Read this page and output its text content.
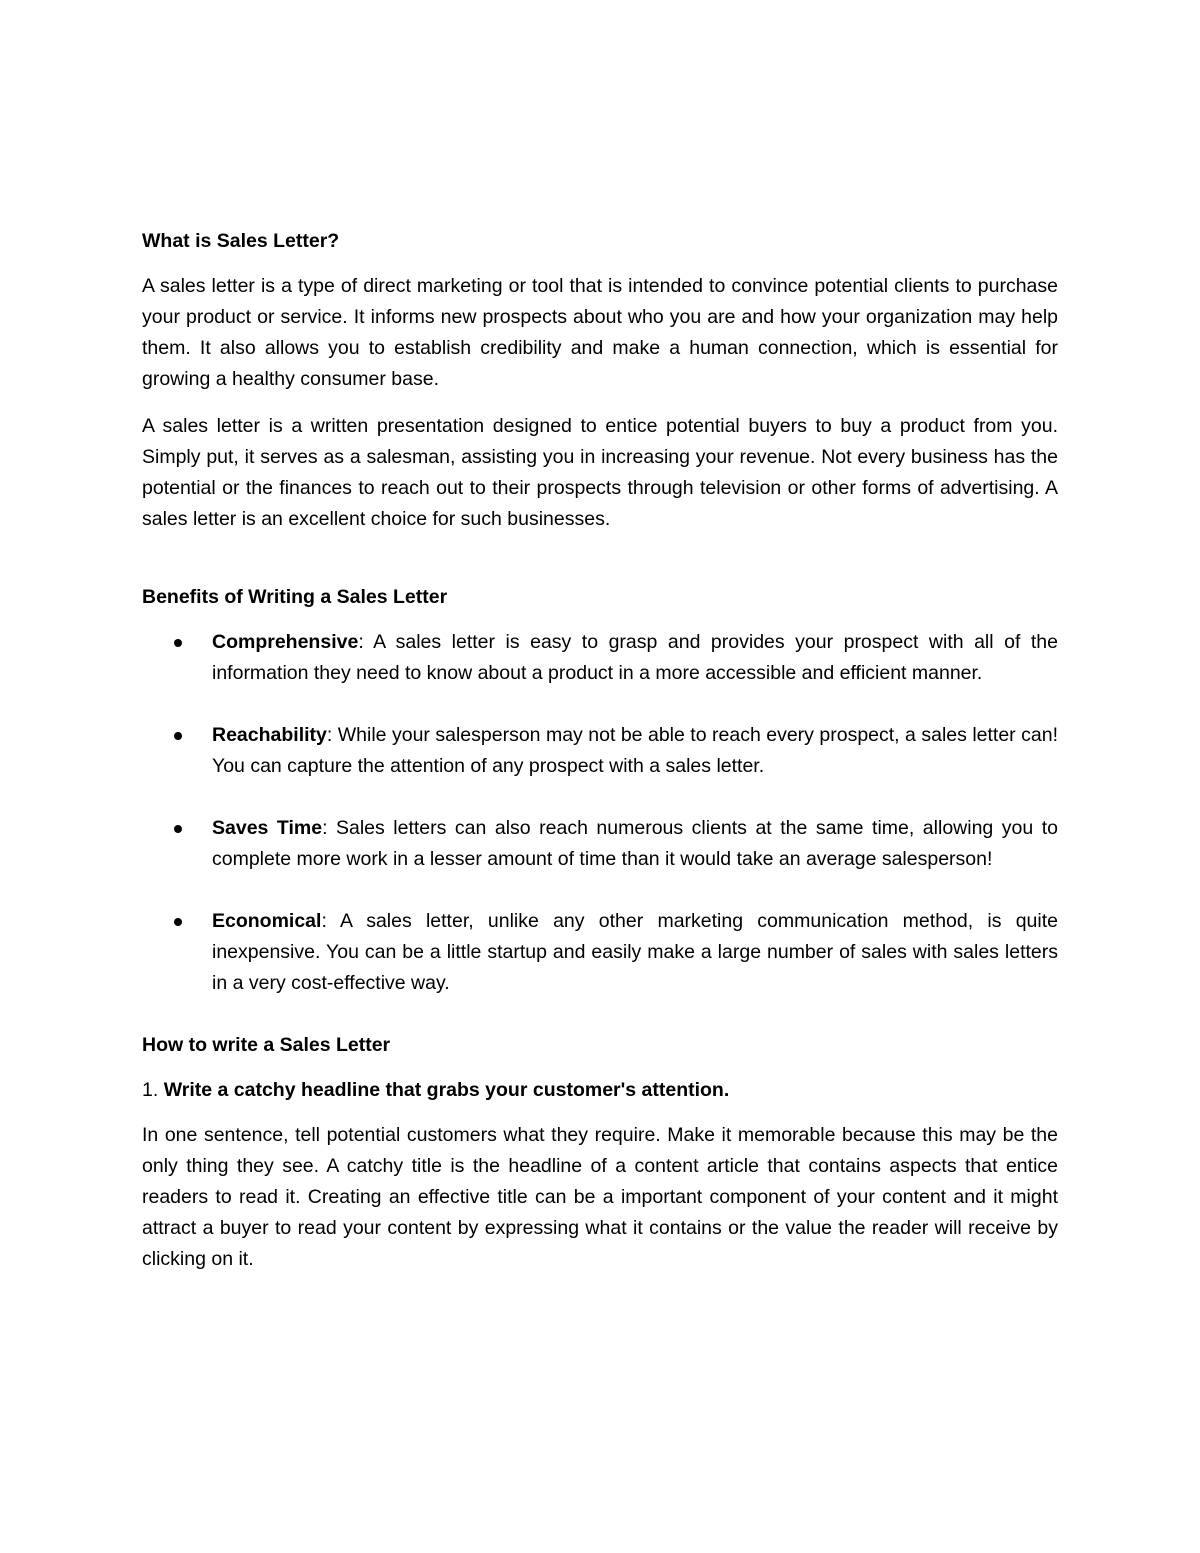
What is Sales Letter?

A sales letter is a type of direct marketing or tool that is intended to convince potential clients to purchase your product or service. It informs new prospects about who you are and how your organization may help them. It also allows you to establish credibility and make a human connection, which is essential for growing a healthy consumer base.

A sales letter is a written presentation designed to entice potential buyers to buy a product from you. Simply put, it serves as a salesman, assisting you in increasing your revenue. Not every business has the potential or the finances to reach out to their prospects through television or other forms of advertising. A sales letter is an excellent choice for such businesses.

Benefits of Writing a Sales Letter
Comprehensive: A sales letter is easy to grasp and provides your prospect with all of the information they need to know about a product in a more accessible and efficient manner.
Reachability: While your salesperson may not be able to reach every prospect, a sales letter can! You can capture the attention of any prospect with a sales letter.
Saves Time: Sales letters can also reach numerous clients at the same time, allowing you to complete more work in a lesser amount of time than it would take an average salesperson!
Economical: A sales letter, unlike any other marketing communication method, is quite inexpensive. You can be a little startup and easily make a large number of sales with sales letters in a very cost-effective way.
How to write a Sales Letter
1. Write a catchy headline that grabs your customer's attention.

In one sentence, tell potential customers what they require. Make it memorable because this may be the only thing they see. A catchy title is the headline of a content article that contains aspects that entice readers to read it. Creating an effective title can be a important component of your content and it might attract a buyer to read your content by expressing what it contains or the value the reader will receive by clicking on it.
